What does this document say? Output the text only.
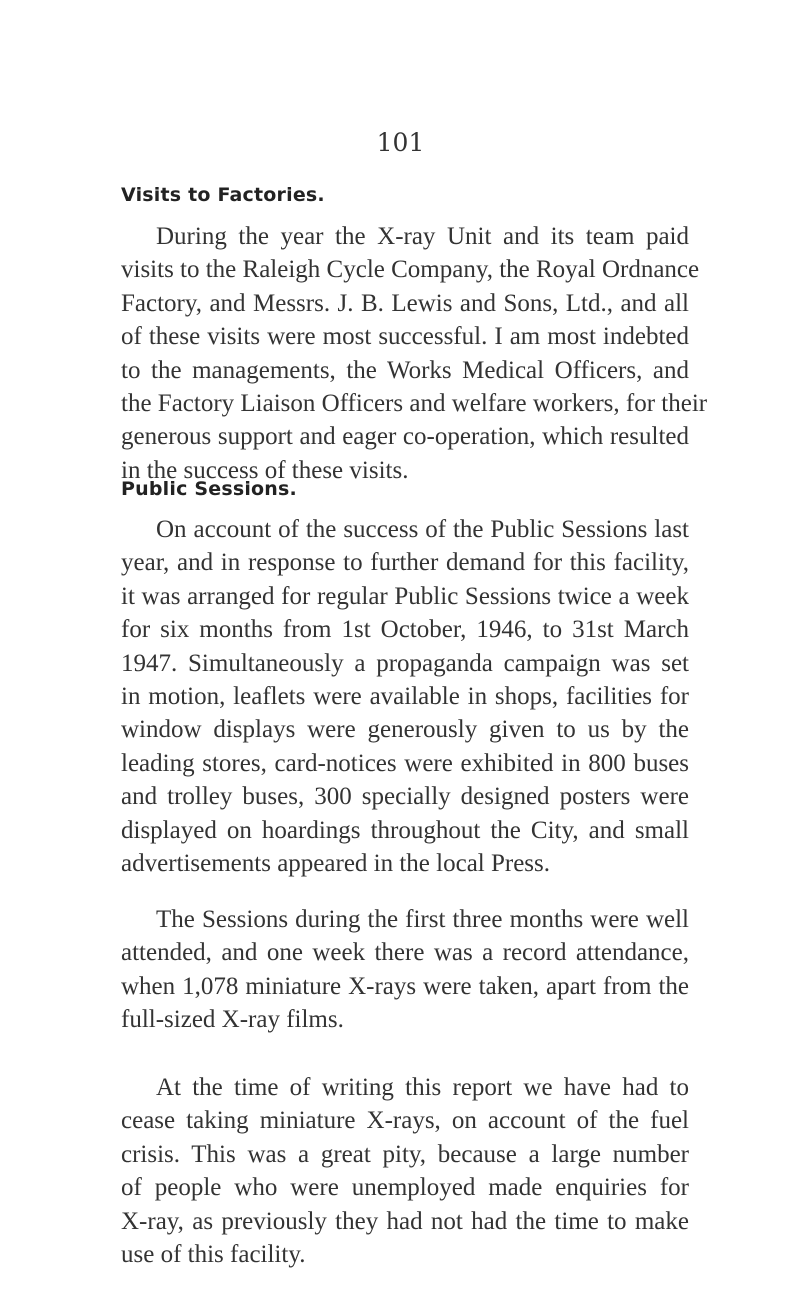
101
Visits to Factories.
During the year the X-ray Unit and its team paid
visits to the Raleigh Cycle Company, the Royal Ordnance
Factory, and Messrs. J. B. Lewis and Sons, Ltd., and all
of these visits were most successful. I am most indebted
to the managements, the Works Medical Officers, and
the Factory Liaison Officers and welfare workers, for their
generous support and eager co-operation, which resulted
in the success of these visits.
Public Sessions.
On account of the success of the Public Sessions last
year, and in response to further demand for this facility,
it was arranged for regular Public Sessions twice a week
for six months from 1st October, 1946, to 31st March
1947. Simultaneously a propaganda campaign was set
in motion, leaflets were available in shops, facilities for
window displays were generously given to us by the
leading stores, card-notices were exhibited in 800 buses
and trolley buses, 300 specially designed posters were
displayed on hoardings throughout the City, and small
advertisements appeared in the local Press.
The Sessions during the first three months were well
attended, and one week there was a record attendance,
when 1,078 miniature X-rays were taken, apart from the
full-sized X-ray films.
At the time of writing this report we have had to
cease taking miniature X-rays, on account of the fuel
crisis. This was a great pity, because a large number
of people who were unemployed made enquiries for
X-ray, as previously they had not had the time to make
use of this facility.
